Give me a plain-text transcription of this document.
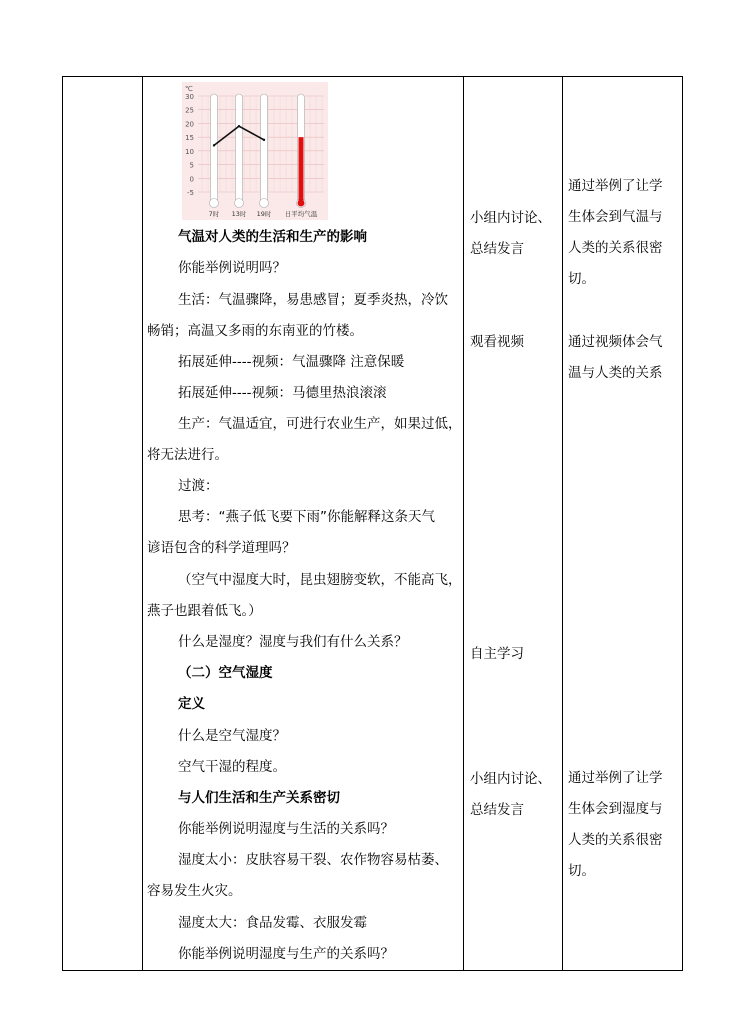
30
25
20
15
10
5
0
-5
℃
7时 13时 19时 日平均气温
气温对人类的生活和生产的影响
你能举例说明吗？
生活：气温骤降，易患感冒；夏季炎热，冷饮
畅销；高温又多雨的东南亚的竹楼。
拓展延伸----视频：气温骤降 注意保暖
拓展延伸----视频：马德里热浪滚滚
生产：气温适宜，可进行农业生产，如果过低，
将无法进行。
过渡：
思考：“燕子低飞要下雨”你能解释这条天气
谚语包含的科学道理吗？
（空气中湿度大时，昆虫翅膀变软，不能高飞，
燕子也跟着低飞。）
什么是湿度？湿度与我们有什么关系？
（二）空气湿度
定义
什么是空气湿度？
空气干湿的程度。
与人们生活和生产关系密切
你能举例说明湿度与生活的关系吗？
湿度太小：皮肤容易干裂、农作物容易枯萎、
容易发生火灾。
湿度太大：食品发霉、衣服发霉
你能举例说明湿度与生产的关系吗？
小组内讨论、
总结发言
观看视频
自主学习
小组内讨论、
总结发言
通过举例了让学
生体会到气温与
人类的关系很密
切。
通过视频体会气
温与人类的关系
通过举例了让学
生体会到湿度与
人类的关系很密
切。
